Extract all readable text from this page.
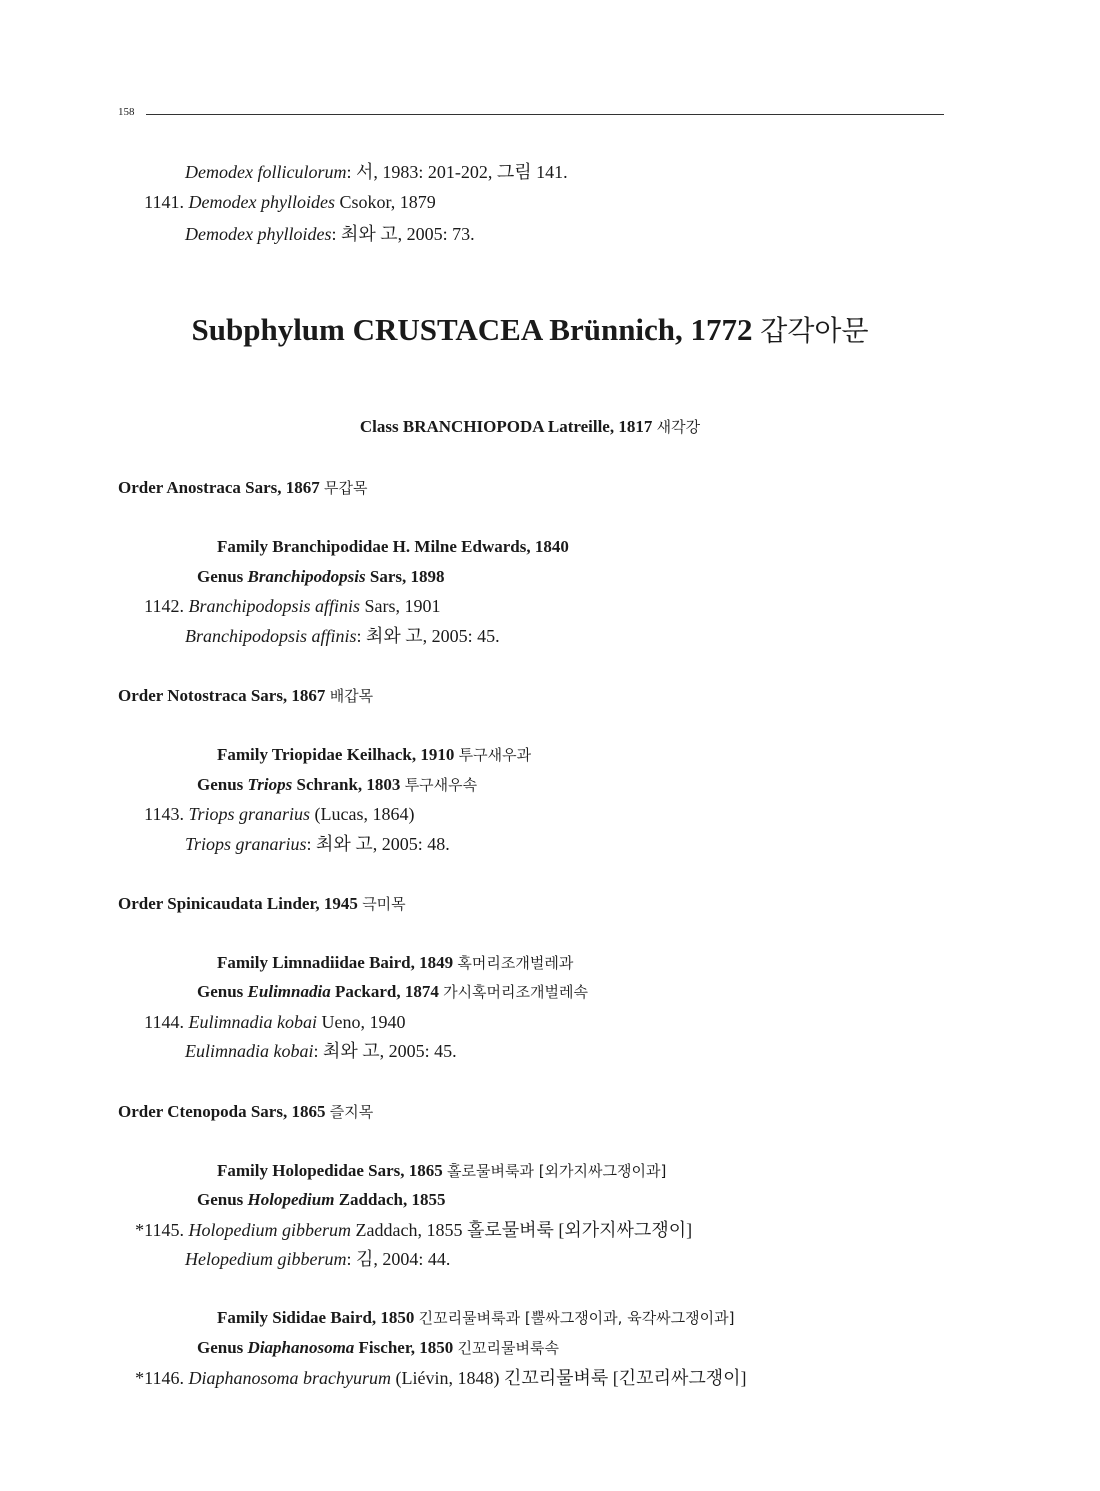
158
Demodex folliculorum: 서, 1983: 201-202, 그림 141.
1141. Demodex phylloides Csokor, 1879
Demodex phylloides: 최와 고, 2005: 73.
Subphylum CRUSTACEA Brünnich, 1772 갑각아문
Class BRANCHIOPODA Latreille, 1817 새각강
Order Anostraca Sars, 1867 무갑목
Family Branchipodidae H. Milne Edwards, 1840
Genus Branchipodopsis Sars, 1898
1142. Branchipodopsis affinis Sars, 1901
Branchipodopsis affinis: 최와 고, 2005: 45.
Order Notostraca Sars, 1867 배갑목
Family Triopidae Keilhack, 1910 투구새우과
Genus Triops Schrank, 1803 투구새우속
1143. Triops granarius (Lucas, 1864)
Triops granarius: 최와 고, 2005: 48.
Order Spinicaudata Linder, 1945 극미목
Family Limnadiidae Baird, 1849 혹머리조개벌레과
Genus Eulimnadia Packard, 1874 가시혹머리조개벌레속
1144. Eulimnadia kobai Ueno, 1940
Eulimnadia kobai: 최와 고, 2005: 45.
Order Ctenopoda Sars, 1865 즐지목
Family Holopedidae Sars, 1865 홀로물벼룩과 [외가지싸그쟁이과]
Genus Holopedium Zaddach, 1855
*1145. Holopedium gibberum Zaddach, 1855 홀로물벼룩 [외가지싸그쟁이]
Helopedium gibberum: 김, 2004: 44.
Family Sididae Baird, 1850 긴꼬리물벼룩과 [뿔싸그쟁이과, 육각싸그쟁이과]
Genus Diaphanosoma Fischer, 1850 긴꼬리물벼룩속
*1146. Diaphanosoma brachyurum (Liévin, 1848) 긴꼬리물벼룩 [긴꼬리싸그쟁이]
